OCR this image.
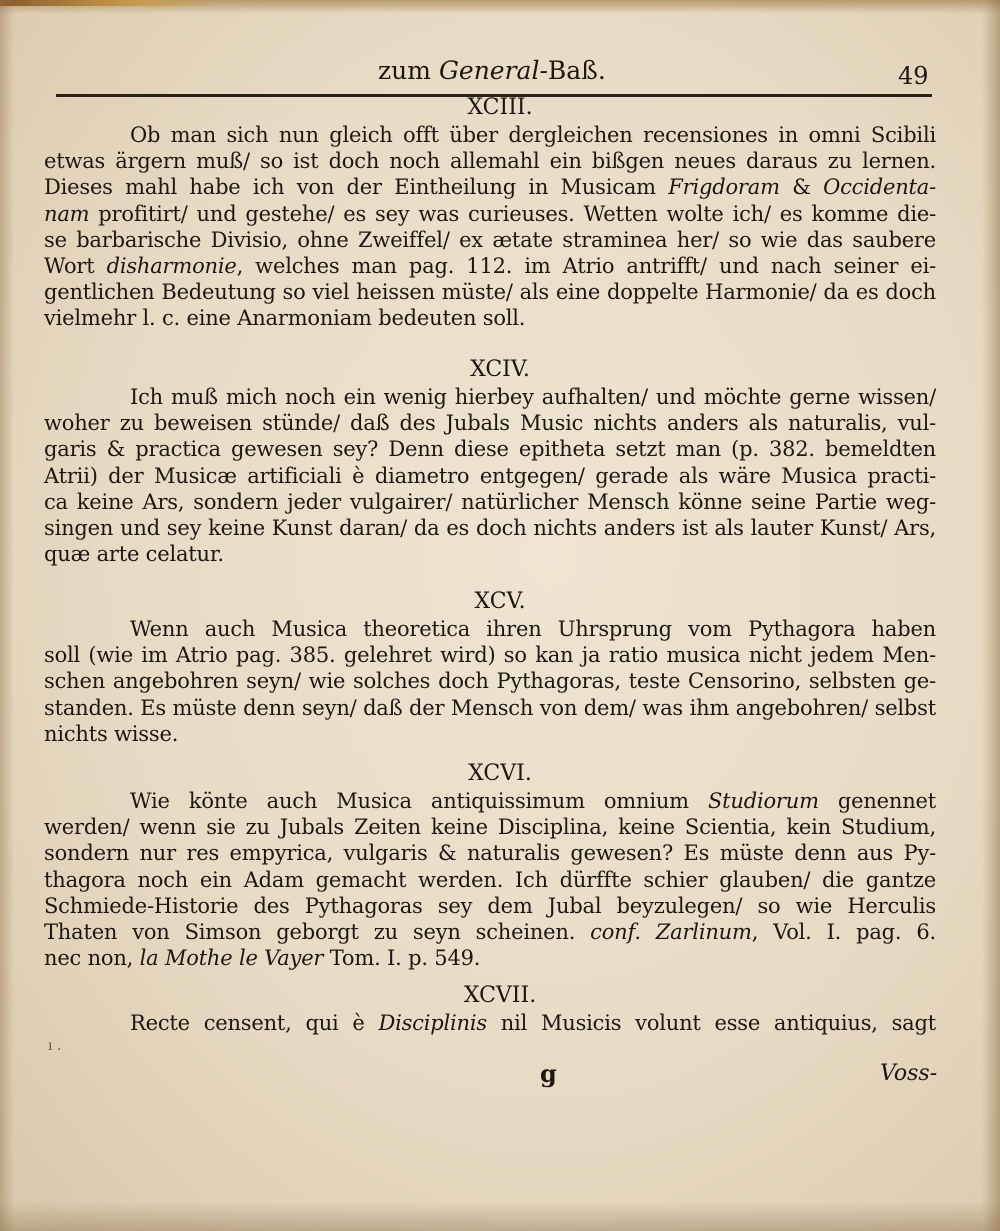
zum General-Baß.	49
XCIII.
Ob man sich nun gleich offt über dergleichen recensiones in omni Scibili
etwas ärgern muß/ so ist doch noch allemahl ein bißgen neues daraus zu lernen.
Dieses mahl habe ich von der Eintheilung in Musicam Frigdoram & Occidenta-
nam profitirt/ und gestehe/ es sey was curieuses. Wetten wolte ich/ es komme die-
se barbarische Divisio, ohne Zweiffel/ ex ætate straminea her/ so wie das saubere
Wort disharmonie, welches man pag. 112. im Atrio antrifft/ und nach seiner ei-
gentlichen Bedeutung so viel heissen müste/ als eine doppelte Harmonie/ da es doch
vielmehr l. c. eine Anarmoniam bedeuten soll.
XCIV.
Ich muß mich noch ein wenig hierbey aufhalten/ und möchte gerne wissen/
woher zu beweisen stünde/ daß des Jubals Music nichts anders als naturalis, vul-
garis & practica gewesen sey? Denn diese epitheta setzt man (p. 382. bemeldten
Atrii) der Musicæ artificiali è diametro entgegen/ gerade als wäre Musica practi-
ca keine Ars, sondern jeder vulgairer/ natürlicher Mensch könne seine Partie weg-
singen und sey keine Kunst daran/ da es doch nichts anders ist als lauter Kunst/ Ars,
quæ arte celatur.
XCV.
Wenn auch Musica theoretica ihren Uhrsprung vom Pythagora haben
soll (wie im Atrio pag. 385. gelehret wird) so kan ja ratio musica nicht jedem Men-
schen angebohren seyn/ wie solches doch Pythagoras, teste Censorino, selbsten ge-
standen. Es müste denn seyn/ daß der Mensch von dem/ was ihm angebohren/ selbst
nichts wisse.
XCVI.
Wie könte auch Musica antiquissimum omnium Studiorum genennet
werden/ wenn sie zu Jubals Zeiten keine Disciplina, keine Scientia, kein Studium,
sondern nur res empyrica, vulgaris & naturalis gewesen? Es müste denn aus Py-
thagora noch ein Adam gemacht werden. Ich dürffte schier glauben/ die gantze
Schmiede-Historie des Pythagoras sey dem Jubal beyzulegen/ so wie Herculis
Thaten von Simson geborgt zu seyn scheinen. conf. Zarlinum, Vol. I. pag. 6.
nec non, la Mothe le Vayer Tom. I. p. 549.
XCVII.
Recte censent, qui è Disciplinis nil Musicis volunt esse antiquius, sagt
ı .
g	Voss-
